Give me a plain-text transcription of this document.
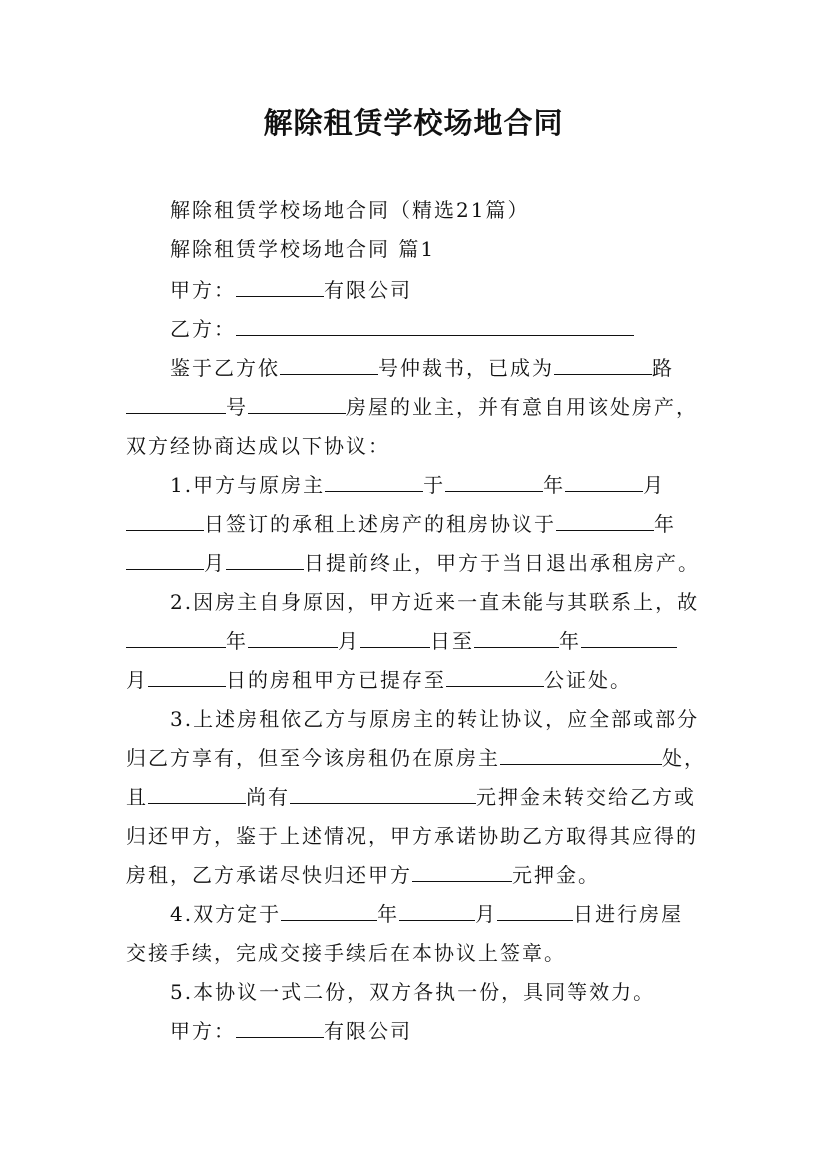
解除租赁学校场地合同
解除租赁学校场地合同（精选21篇）
解除租赁学校场地合同 篇1
甲方：	有限公司
乙方：
鉴于乙方依	号仲裁书，已成为	路
号	房屋的业主，并有意自用该处房产，
双方经协商达成以下协议：
1.甲方与原房主	于	年	月
日签订的承租上述房产的租房协议于	年
月	日提前终止，甲方于当日退出承租房产。
2.因房主自身原因，甲方近来一直未能与其联系上，故
年	月	日至	年
月	日的房租甲方已提存至	公证处。
3.上述房租依乙方与原房主的转让协议，应全部或部分
归乙方享有，但至今该房租仍在原房主	处，
且	尚有	元押金未转交给乙方或
归还甲方，鉴于上述情况，甲方承诺协助乙方取得其应得的
房租，乙方承诺尽快归还甲方	元押金。
4.双方定于	年	月	日进行房屋
交接手续，完成交接手续后在本协议上签章。
5.本协议一式二份，双方各执一份，具同等效力。
甲方：	有限公司
